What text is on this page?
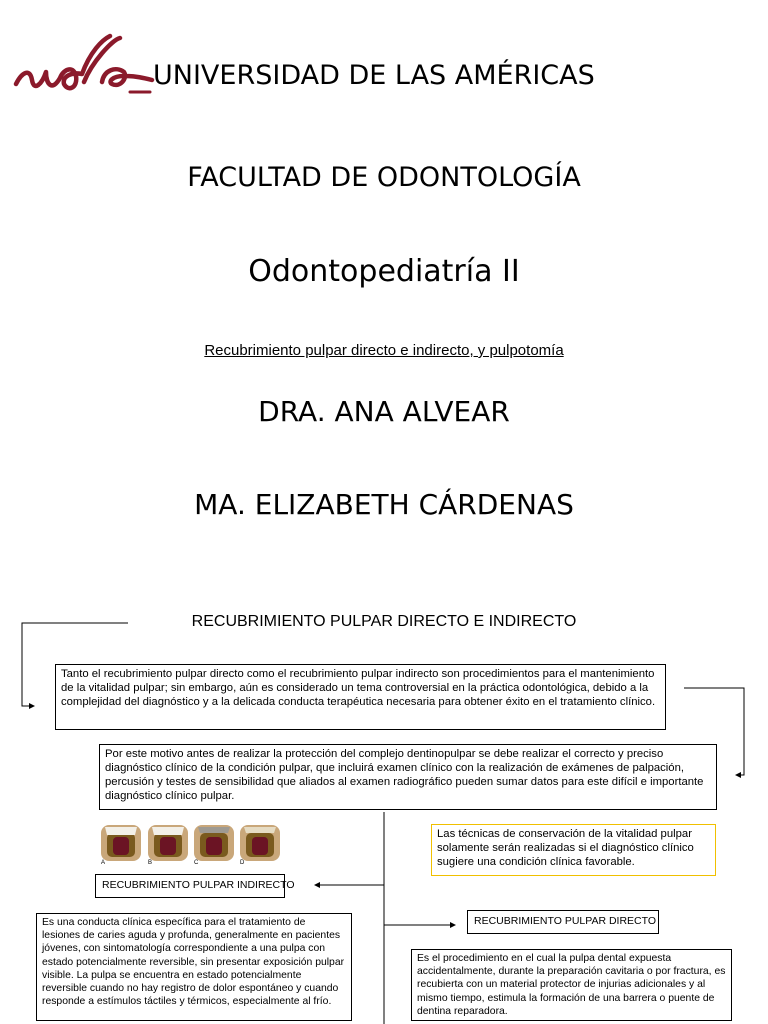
UNIVERSIDAD DE LAS AMÉRICAS
FACULTAD DE ODONTOLOGÍA
Odontopediatría II
Recubrimiento pulpar directo e indirecto, y pulpotomía
DRA. ANA ALVEAR
MA. ELIZABETH CÁRDENAS
RECUBRIMIENTO PULPAR DIRECTO E INDIRECTO
Tanto el recubrimiento pulpar directo como el recubrimiento pulpar indirecto son procedimientos para el mantenimiento de la vitalidad pulpar; sin embargo, aún es considerado un tema controversial en la práctica odontológica, debido a la complejidad del diagnóstico y a la delicada conducta terapéutica necesaria para obtener éxito en el tratamiento clínico.
Por este motivo antes de realizar la protección del complejo dentinopulpar se debe realizar el correcto y preciso diagnóstico clínico de la condición pulpar, que incluirá examen clínico con la realización de exámenes de palpación, percusión y testes de sensibilidad que aliados al examen radiográfico pueden sumar datos para este difícil e importante diagnóstico clínico pulpar.
Las técnicas de conservación de la vitalidad pulpar solamente serán realizadas si el diagnóstico clínico sugiere una condición clínica favorable.
A	B	C	D
RECUBRIMIENTO PULPAR INDIRECTO
RECUBRIMIENTO PULPAR DIRECTO
Es una conducta clínica específica para el tratamiento de lesiones de caries aguda y profunda, generalmente en pacientes jóvenes, con sintomatología correspondiente a una pulpa con estado potencialmente reversible, sin presentar exposición pulpar visible. La pulpa se encuentra en estado potencialmente reversible cuando no hay registro de dolor espontáneo y cuando responde a estímulos táctiles y térmicos, especialmente al frío.
Es el procedimiento en el cual la pulpa dental expuesta accidentalmente, durante la preparación cavitaria o por fractura, es recubierta con un material protector de injurias adicionales y al mismo tiempo, estimula la formación de una barrera o puente de dentina reparadora.
